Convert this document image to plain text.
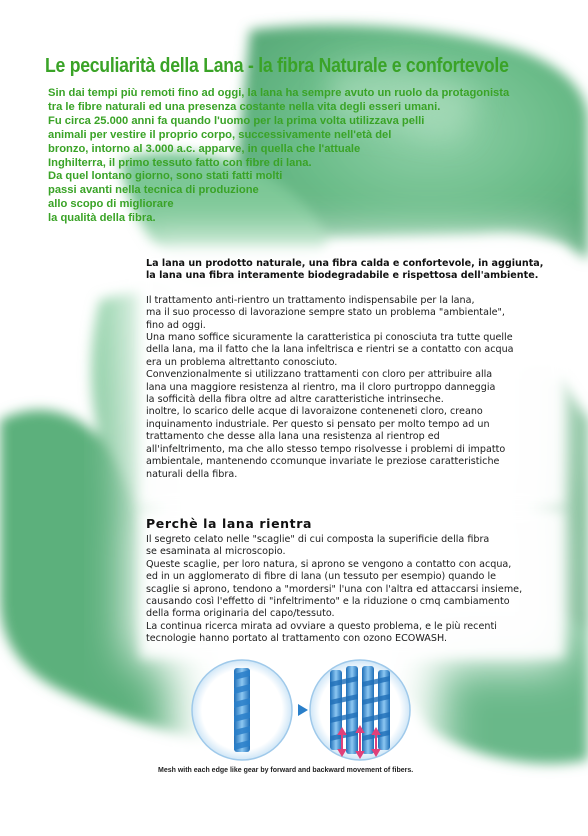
Le peculiarità della Lana - la fibra Naturale e confortevole
Sin dai tempi più remoti fino ad oggi, la lana ha sempre avuto un ruolo da protagonista
tra le fibre naturali ed una presenza costante nella vita degli esseri umani.
Fu circa 25.000 anni fa quando l'uomo per la prima volta utilizzava pelli
animali per vestire il proprio corpo, successivamente nell'età del
bronzo, intorno al 3.000 a.c. apparve, in quella che l'attuale
Inghilterra, il primo tessuto fatto con fibre di lana.
Da quel lontano giorno, sono stati fatti molti
passi avanti nella tecnica di produzione
allo scopo di migliorare
la qualità della fibra.
La lana un prodotto naturale, una fibra calda e confortevole, in aggiunta,
la lana una fibra interamente biodegradabile e rispettosa dell'ambiente.
Il trattamento anti-rientro un trattamento indispensabile per la lana,
ma il suo processo di lavorazione sempre stato un problema "ambientale",
fino ad oggi.
Una mano soffice sicuramente la caratteristica pi conosciuta tra tutte quelle
della lana, ma il fatto che la lana infeltrisca e rientri se a contatto con acqua
era un problema altrettanto conosciuto.
Convenzionalmente si utilizzano trattamenti con cloro per attribuire alla
lana una maggiore resistenza al rientro, ma il cloro purtroppo danneggia
la sofficità della fibra oltre ad altre caratteristiche intrinseche.
inoltre, lo scarico delle acque di lavoraizone conteneneti cloro, creano
inquinamento industriale. Per questo si pensato per molto tempo ad un
trattamento che desse alla lana una resistenza al rientrop ed
all'infeltrimento, ma che allo stesso tempo risolvesse i problemi di impatto
ambientale, mantenendo ccomunque invariate le preziose caratteristiche
naturali della fibra.
Perchè la lana rientra
Il segreto celato nelle "scaglie" di cui composta la superificie della fibra
se esaminata al microscopio.
Queste scaglie, per loro natura, si aprono se vengono a contatto con acqua,
ed in un agglomerato di fibre di lana (un tessuto per esempio) quando le
scaglie si aprono, tendono a "mordersi" l'una con l'altra ed attaccarsi insieme,
causando così l'effetto di "infeltrimento" e la riduzione o cmq cambiamento
della forma originaria del capo/tessuto.
La continua ricerca mirata ad ovviare a questo problema, e le più recenti
tecnologie hanno portato al trattamento con ozono ECOWASH.

Mesh with each edge like gear by forward and backward movement of fibers.
